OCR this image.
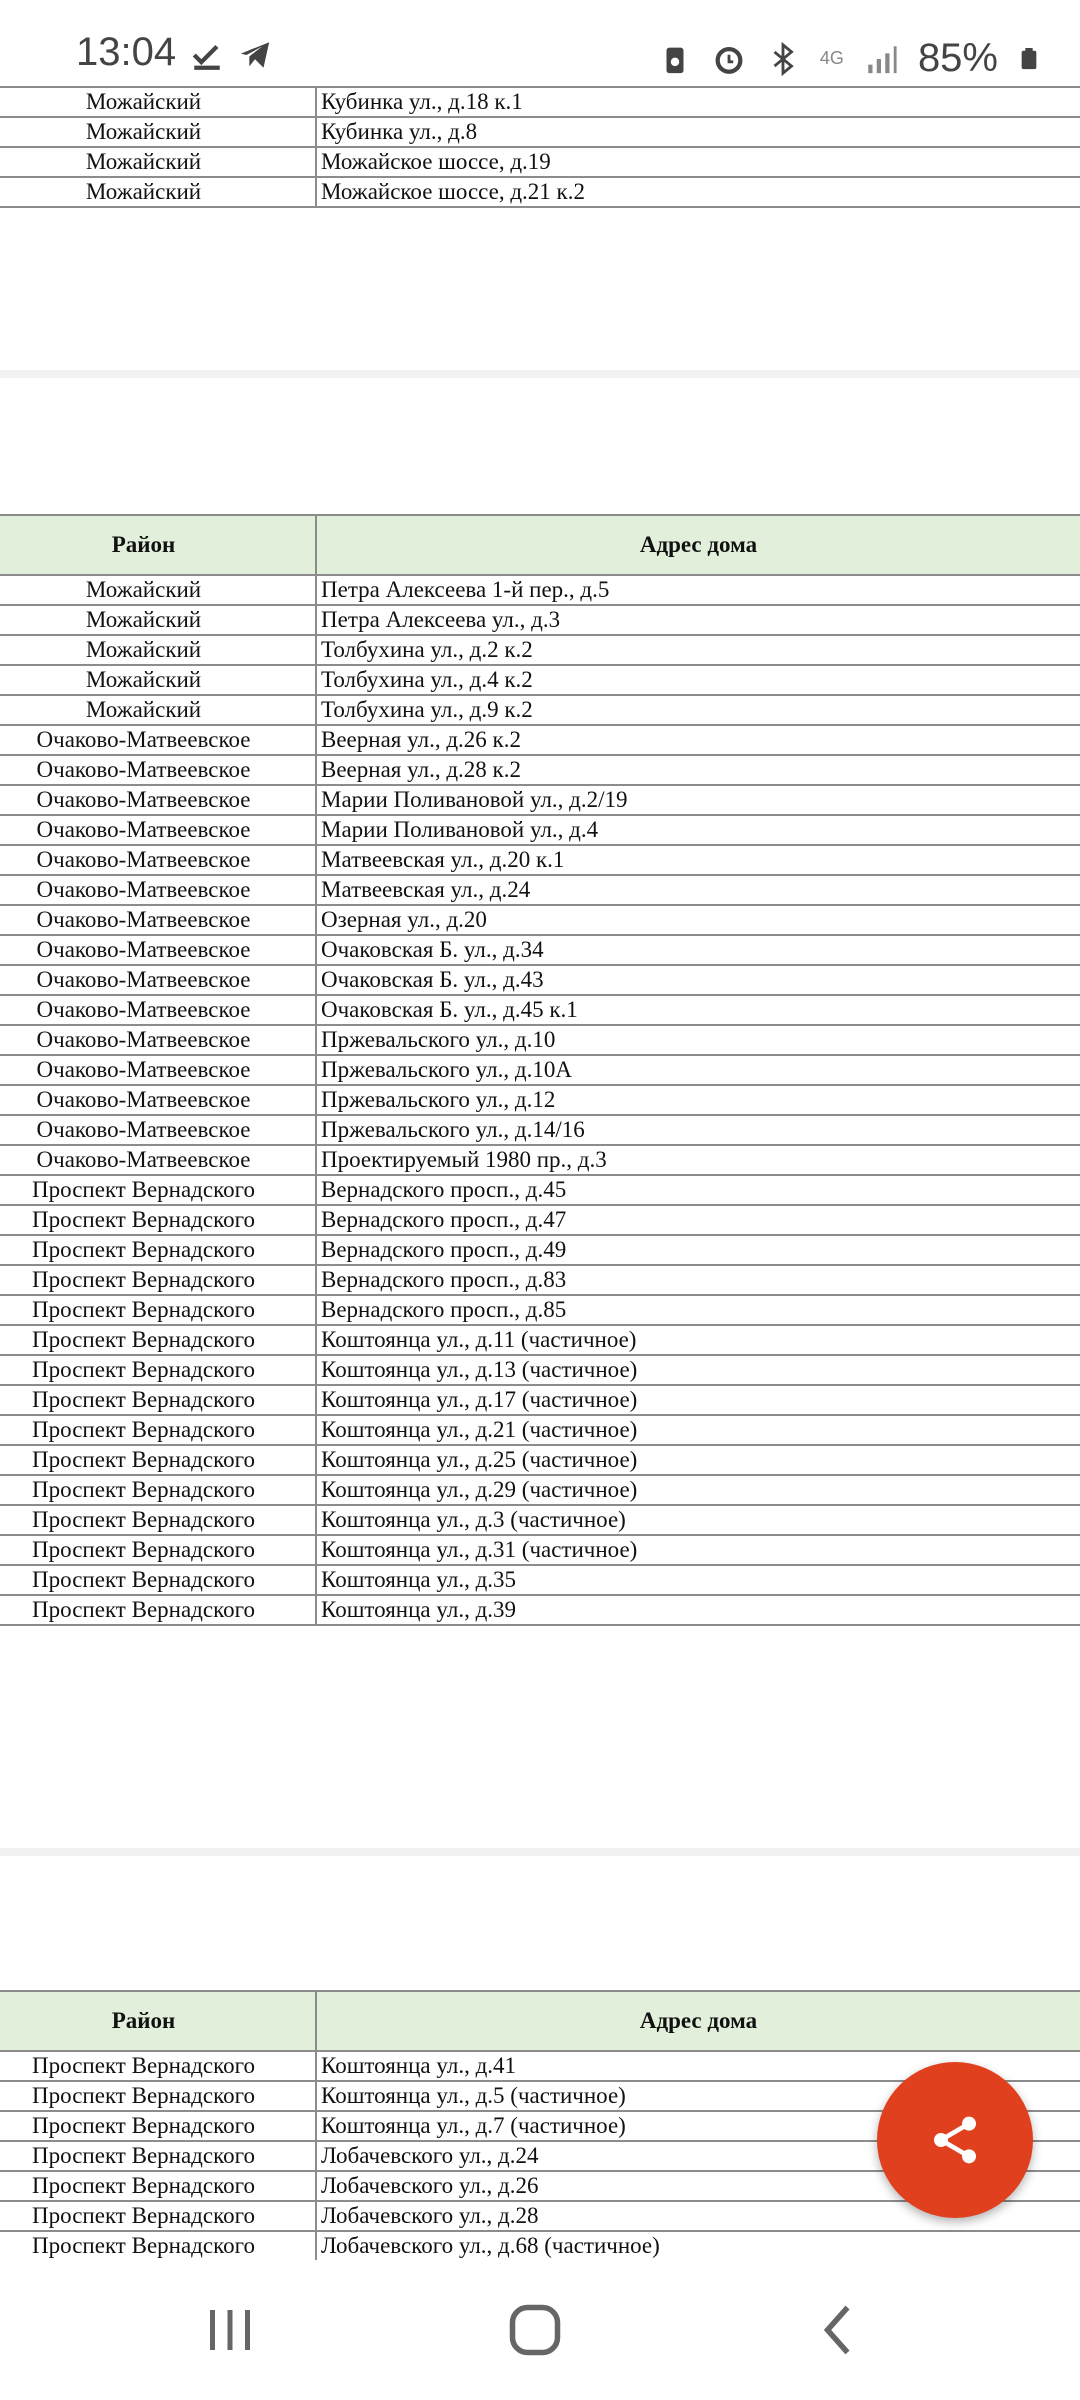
13:04	4G 85%
Можайский	Кубинка ул., д.18 к.1
Можайский	Кубинка ул., д.8
Можайский	Можайское шоссе, д.19
Можайский	Можайское шоссе, д.21 к.2
Район	Адрес дома
Можайский	Петра Алексеева 1-й пер., д.5
Можайский	Петра Алексеева ул., д.3
Можайский	Толбухина ул., д.2 к.2
Можайский	Толбухина ул., д.4 к.2
Можайский	Толбухина ул., д.9 к.2
Очаково-Матвеевское	Веерная ул., д.26 к.2
Очаково-Матвеевское	Веерная ул., д.28 к.2
Очаково-Матвеевское	Марии Поливановой ул., д.2/19
Очаково-Матвеевское	Марии Поливановой ул., д.4
Очаково-Матвеевское	Матвеевская ул., д.20 к.1
Очаково-Матвеевское	Матвеевская ул., д.24
Очаково-Матвеевское	Озерная ул., д.20
Очаково-Матвеевское	Очаковская Б. ул., д.34
Очаково-Матвеевское	Очаковская Б. ул., д.43
Очаково-Матвеевское	Очаковская Б. ул., д.45 к.1
Очаково-Матвеевское	Пржевальского ул., д.10
Очаково-Матвеевское	Пржевальского ул., д.10А
Очаково-Матвеевское	Пржевальского ул., д.12
Очаково-Матвеевское	Пржевальского ул., д.14/16
Очаково-Матвеевское	Проектируемый 1980 пр., д.3
Проспект Вернадского	Вернадского просп., д.45
Проспект Вернадского	Вернадского просп., д.47
Проспект Вернадского	Вернадского просп., д.49
Проспект Вернадского	Вернадского просп., д.83
Проспект Вернадского	Вернадского просп., д.85
Проспект Вернадского	Коштоянца ул., д.11 (частичное)
Проспект Вернадского	Коштоянца ул., д.13 (частичное)
Проспект Вернадского	Коштоянца ул., д.17 (частичное)
Проспект Вернадского	Коштоянца ул., д.21 (частичное)
Проспект Вернадского	Коштоянца ул., д.25 (частичное)
Проспект Вернадского	Коштоянца ул., д.29 (частичное)
Проспект Вернадского	Коштоянца ул., д.3 (частичное)
Проспект Вернадского	Коштоянца ул., д.31 (частичное)
Проспект Вернадского	Коштоянца ул., д.35
Проспект Вернадского	Коштоянца ул., д.39
Район	Адрес дома
Проспект Вернадского	Коштоянца ул., д.41
Проспект Вернадского	Коштоянца ул., д.5 (частичное)
Проспект Вернадского	Коштоянца ул., д.7 (частичное)
Проспект Вернадского	Лобачевского ул., д.24
Проспект Вернадского	Лобачевского ул., д.26
Проспект Вернадского	Лобачевского ул., д.28
Проспект Вернадского	Лобачевского ул., д.68 (частичное)
